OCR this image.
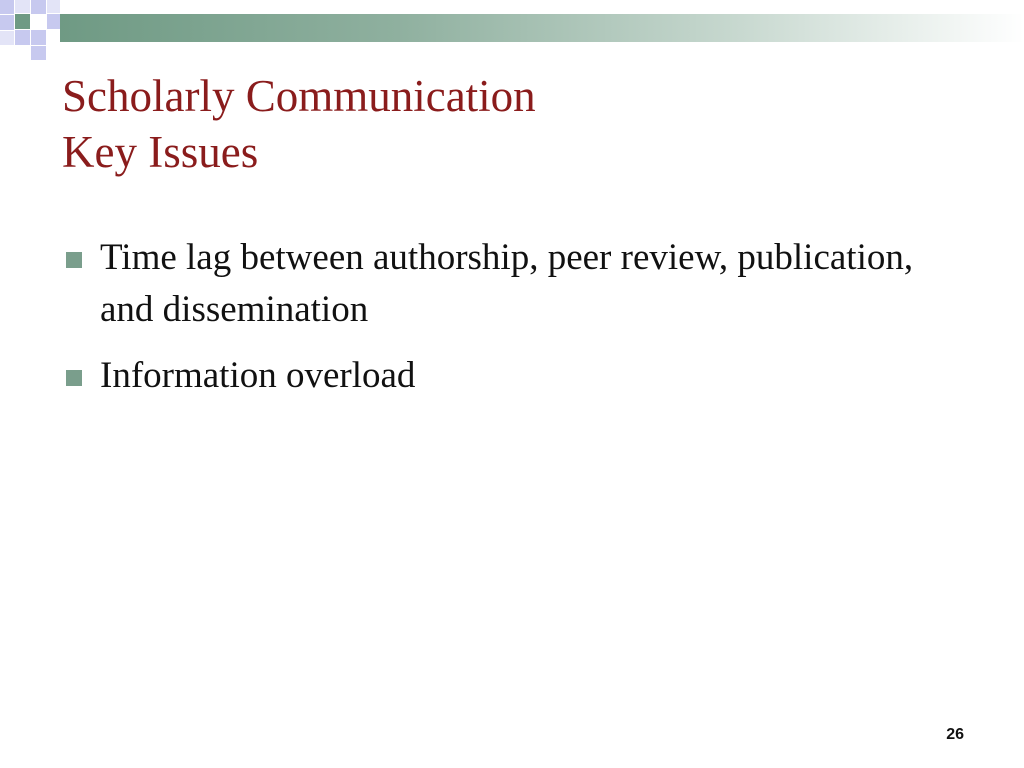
Scholarly Communication
Key Issues
Time lag between authorship, peer review, publication, and dissemination
Information overload
26
